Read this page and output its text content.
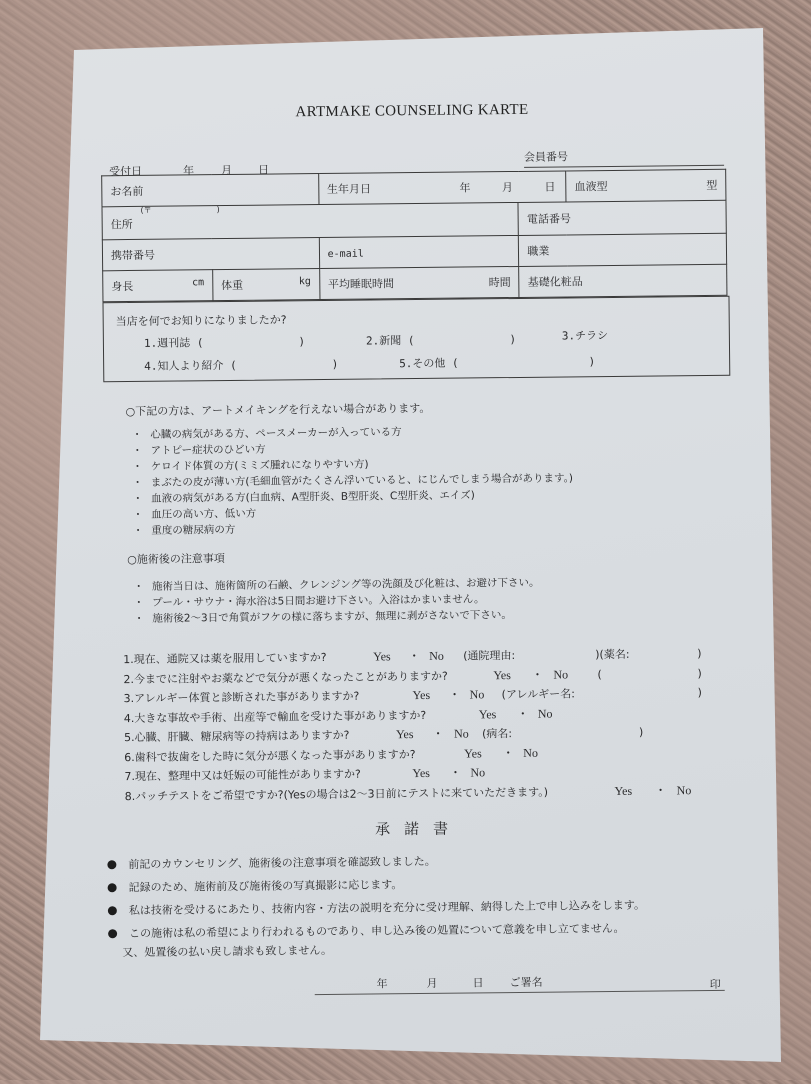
ARTMAKE COUNSELING KARTE
受付日	年 月 日
会員番号
お名前		生年月日 年 月 日		血液型 型

(〒 )
住所			電話番号	
携帯番号		e-mail	職業	
身長 cm	体重 kg	平均睡眠時間 時間	基礎化粧品	
当店を何でお知りになりましたか?
1.週刊誌 (	)	2.新聞 (	)	3.チラシ
4.知人より紹介 (	)	5.その他 (	)
○下記の方は、アートメイキングを行えない場合があります。
・ 心臓の病気がある方、ペースメーカーが入っている方
・ アトピー症状のひどい方
・ ケロイド体質の方(ミミズ腫れになりやすい方)
・ まぶたの皮が薄い方(毛細血管がたくさん浮いていると、にじんでしまう場合があります。)
・ 血液の病気がある方(白血病、A型肝炎、B型肝炎、C型肝炎、エイズ)
・ 血圧の高い方、低い方
・ 重度の糖尿病の方
○施術後の注意事項
・ 施術当日は、施術箇所の石鹸、クレンジング等の洗顔及び化粧は、お避け下さい。
・ プール・サウナ・海水浴は5日間お避け下さい。入浴はかまいません。
・ 施術後2〜3日で角質がフケの様に落ちますが、無理に剥がさないで下さい。
1.現在、通院又は薬を服用していますか?	Yes ・ No (通院理由:	)(薬名:	)
2.今までに注射やお薬などで気分が悪くなったことがありますか?	Yes ・ No	(	)
3.アレルギー体質と診断された事がありますか?	Yes ・ No (アレルギー名:	)
4.大きな事故や手術、出産等で輸血を受けた事がありますか?	Yes ・ No
5.心臓、肝臓、糖尿病等の持病はありますか?	Yes ・ No (病名:	)
6.歯科で抜歯をした時に気分が悪くなった事がありますか?	Yes ・ No
7.現在、整理中又は妊娠の可能性がありますか?	Yes ・ No
8.パッチテストをご希望ですか?(Yesの場合は2〜3日前にテストに来ていただきます。)	Yes ・ No
承諾書
前記のカウンセリング、施術後の注意事項を確認致しました。
記録のため、施術前及び施術後の写真撮影に応じます。
私は技術を受けるにあたり、技術内容・方法の説明を充分に受け理解、納得した上で申し込みをします。
この施術は私の希望により行われるものであり、申し込み後の処置について意義を申し立てません。
又、処置後の払い戻し請求も致しません。
年	月	日 ご署名	印
